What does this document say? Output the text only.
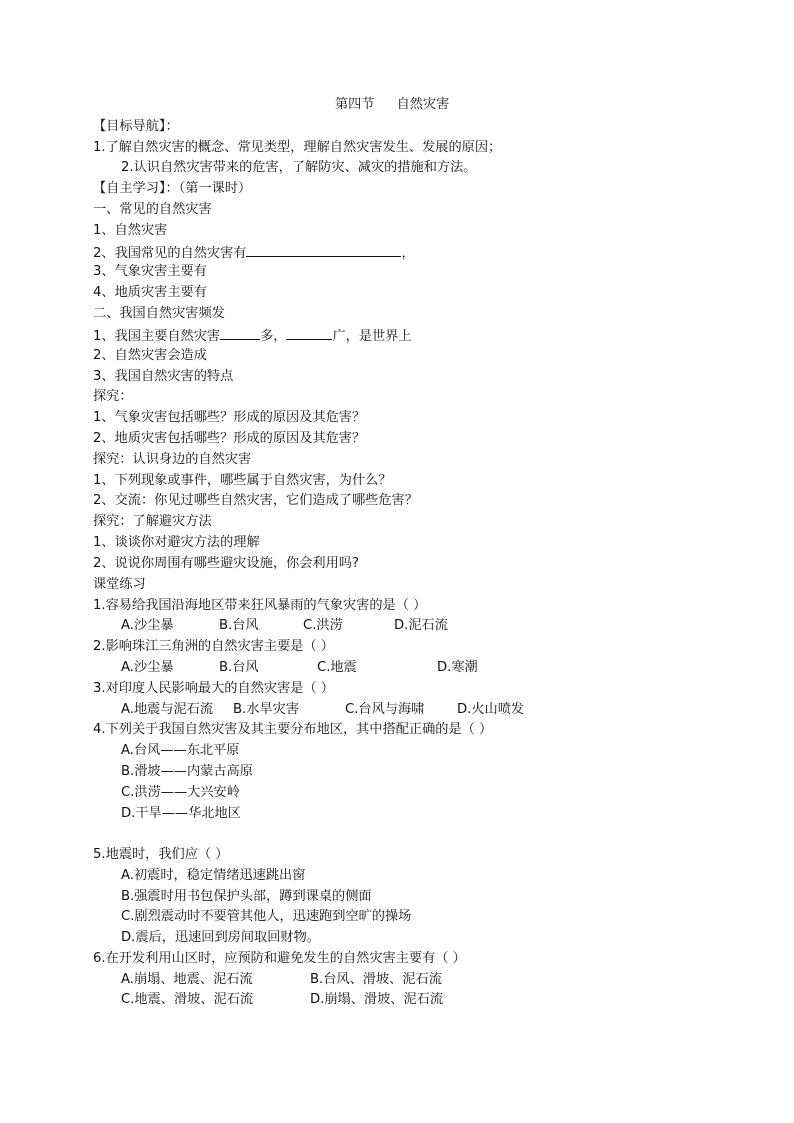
第四节 自然灾害
【目标导航】：
1.了解自然灾害的概念、常见类型，理解自然灾害发生、发展的原因；
2.认识自然灾害带来的危害，了解防灾、减灾的措施和方法。
【自主学习】：（第一课时）
一、常见的自然灾害
1、自然灾害
2、我国常见的自然灾害有	，
3、气象灾害主要有
4、地质灾害主要有
二、我国自然灾害频发
1、我国主要自然灾害	多，	广，是世界上
2、自然灾害会造成
3、我国自然灾害的特点
探究：
1、气象灾害包括哪些？形成的原因及其危害？
2、地质灾害包括哪些？形成的原因及其危害？
探究：认识身边的自然灾害
1、下列现象或事件，哪些属于自然灾害，为什么？
2、交流：你见过哪些自然灾害，它们造成了哪些危害？
探究：了解避灾方法
1、谈谈你对避灾方法的理解
2、说说你周围有哪些避灾设施，你会利用吗?
课堂练习
1.容易给我国沿海地区带来狂风暴雨的气象灾害的是（ ）
A.沙尘暴	B.台风	C.洪涝	D.泥石流
2.影响珠江三角洲的自然灾害主要是（ ）
A.沙尘暴	B.台风	C.地震	D.寒潮
3.对印度人民影响最大的自然灾害是（ ）
A.地震与泥石流 B.水旱灾害	C.台风与海啸 D.火山喷发
4.下列关于我国自然灾害及其主要分布地区，其中搭配正确的是（ ）
A.台风——东北平原
B.滑坡——内蒙古高原
C.洪涝——大兴安岭
D.干旱——华北地区
5.地震时，我们应（ ）
A.初震时，稳定情绪迅速跳出窗
B.强震时用书包保护头部，蹲到课桌的侧面
C.剧烈震动时不要管其他人，迅速跑到空旷的操场
D.震后，迅速回到房间取回财物。
6.在开发利用山区时，应预防和避免发生的自然灾害主要有（ ）
A.崩塌、地震、泥石流	B.台风、滑坡、泥石流
C.地震、滑坡、泥石流	D.崩塌、滑坡、泥石流
